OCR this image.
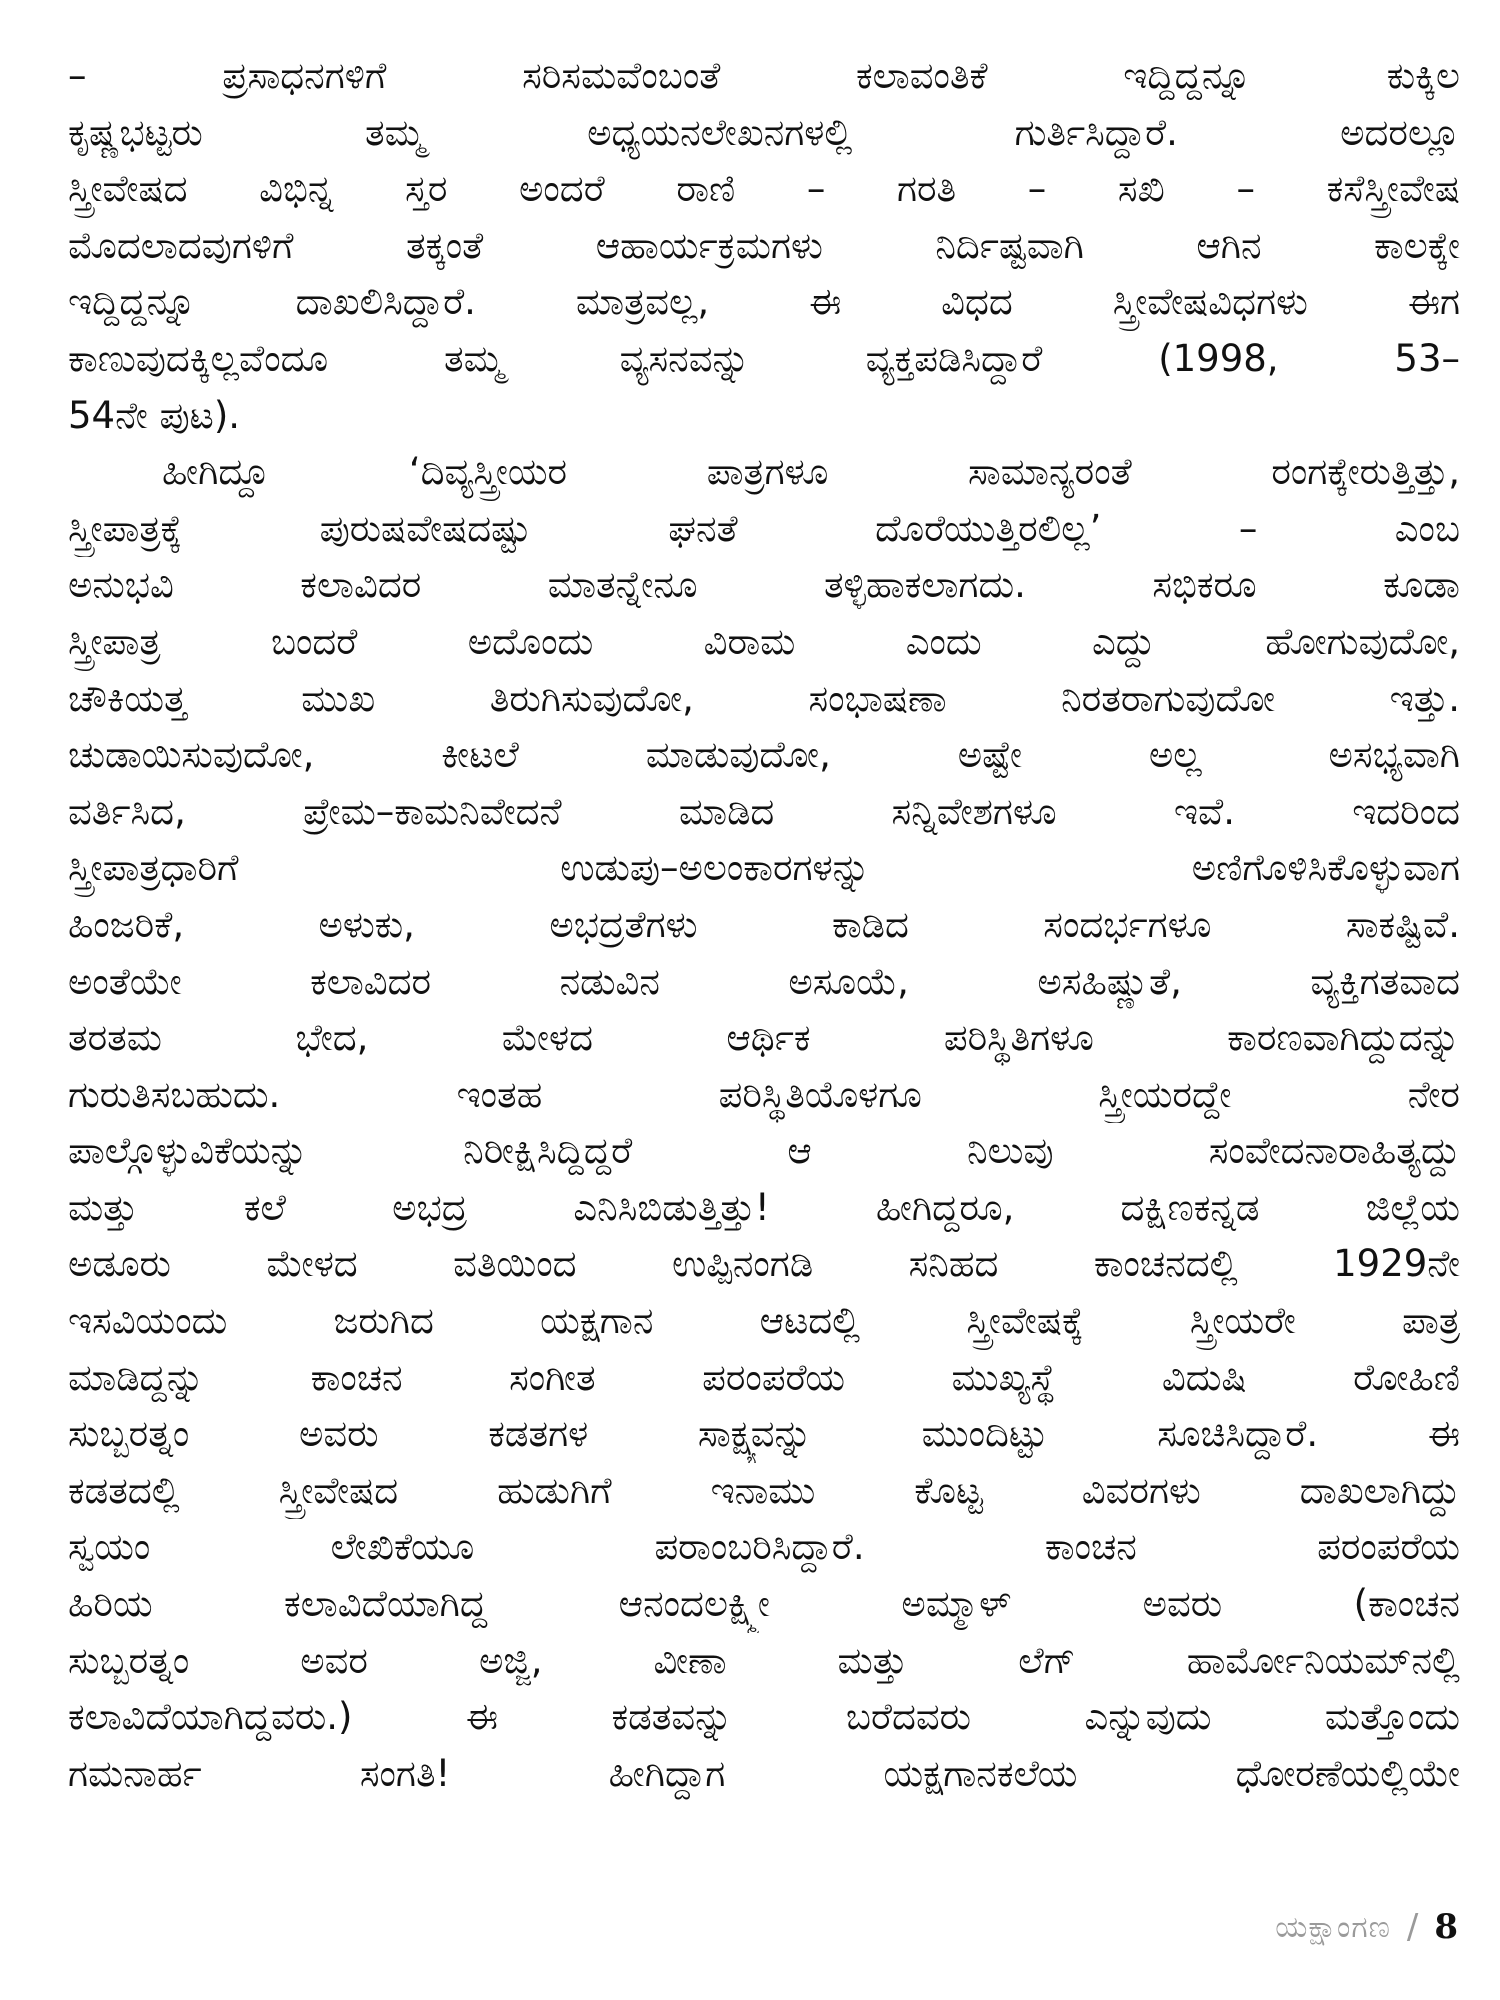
– ಪ್ರಸಾಧನಗಳಿಗೆ ಸರಿಸಮವೆಂಬಂತೆ ಕಲಾವಂತಿಕೆ ಇದ್ದಿದ್ದನ್ನೂ ಕುಕ್ಕಿಲ
ಕೃಷ್ಣಭಟ್ಟರು ತಮ್ಮ ಅಧ್ಯಯನಲೇಖನಗಳಲ್ಲಿ ಗುರ್ತಿಸಿದ್ದಾರೆ. ಅದರಲ್ಲೂ
ಸ್ತ್ರೀವೇಷದ ವಿಭಿನ್ನ ಸ್ತರ ಅಂದರೆ ರಾಣಿ – ಗರತಿ – ಸಖಿ – ಕಸೆಸ್ತ್ರೀವೇಷ
ಮೊದಲಾದವುಗಳಿಗೆ ತಕ್ಕಂತೆ ಆಹಾರ್ಯಕ್ರಮಗಳು ನಿರ್ದಿಷ್ಟವಾಗಿ ಆಗಿನ ಕಾಲಕ್ಕೇ
ಇದ್ದಿದ್ದನ್ನೂ ದಾಖಲಿಸಿದ್ದಾರೆ. ಮಾತ್ರವಲ್ಲ, ಈ ವಿಧದ ಸ್ತ್ರೀವೇಷವಿಧಗಳು ಈಗ
ಕಾಣುವುದಕ್ಕಿಲ್ಲವೆಂದೂ ತಮ್ಮ ವ್ಯಸನವನ್ನು ವ್ಯಕ್ತಪಡಿಸಿದ್ದಾರೆ (1998, 53–
54ನೇ ಪುಟ).
ಹೀಗಿದ್ದೂ ‘ದಿವ್ಯಸ್ತ್ರೀಯರ ಪಾತ್ರಗಳೂ ಸಾಮಾನ್ಯರಂತೆ ರಂಗಕ್ಕೇರುತ್ತಿತ್ತು,
ಸ್ತ್ರೀಪಾತ್ರಕ್ಕೆ ಪುರುಷವೇಷದಷ್ಟು ಘನತೆ ದೊರೆಯುತ್ತಿರಲಿಲ್ಲ’ – ಎಂಬ
ಅನುಭವಿ ಕಲಾವಿದರ ಮಾತನ್ನೇನೂ ತಳ್ಳಿಹಾಕಲಾಗದು. ಸಭಿಕರೂ ಕೂಡಾ
ಸ್ತ್ರೀಪಾತ್ರ ಬಂದರೆ ಅದೊಂದು ವಿರಾಮ ಎಂದು ಎದ್ದು ಹೋಗುವುದೋ,
ಚೌಕಿಯತ್ತ ಮುಖ ತಿರುಗಿಸುವುದೋ, ಸಂಭಾಷಣಾ ನಿರತರಾಗುವುದೋ ಇತ್ತು.
ಚುಡಾಯಿಸುವುದೋ, ಕೀಟಲೆ ಮಾಡುವುದೋ, ಅಷ್ಟೇ ಅಲ್ಲ ಅಸಭ್ಯವಾಗಿ
ವರ್ತಿಸಿದ, ಪ್ರೇಮ–ಕಾಮನಿವೇದನೆ ಮಾಡಿದ ಸನ್ನಿವೇಶಗಳೂ ಇವೆ. ಇದರಿಂದ
ಸ್ತ್ರೀಪಾತ್ರಧಾರಿಗೆ ಉಡುಪು–ಅಲಂಕಾರಗಳನ್ನು ಅಣಿಗೊಳಿಸಿಕೊಳ್ಳುವಾಗ
ಹಿಂಜರಿಕೆ, ಅಳುಕು, ಅಭದ್ರತೆಗಳು ಕಾಡಿದ ಸಂದರ್ಭಗಳೂ ಸಾಕಷ್ಟಿವೆ.
ಅಂತೆಯೇ ಕಲಾವಿದರ ನಡುವಿನ ಅಸೂಯೆ, ಅಸಹಿಷ್ಣುತೆ, ವ್ಯಕ್ತಿಗತವಾದ
ತರತಮ ಭೇದ, ಮೇಳದ ಆರ್ಥಿಕ ಪರಿಸ್ಥಿತಿಗಳೂ ಕಾರಣವಾಗಿದ್ದುದನ್ನು
ಗುರುತಿಸಬಹುದು. ಇಂತಹ ಪರಿಸ್ಥಿತಿಯೊಳಗೂ ಸ್ತ್ರೀಯರದ್ದೇ ನೇರ
ಪಾಲ್ಗೊಳ್ಳುವಿಕೆಯನ್ನು ನಿರೀಕ್ಷಿಸಿದ್ದಿದ್ದರೆ ಆ ನಿಲುವು ಸಂವೇದನಾರಾಹಿತ್ಯದ್ದು
ಮತ್ತು ಕಲೆ ಅಭದ್ರ ಎನಿಸಿಬಿಡುತ್ತಿತ್ತು! ಹೀಗಿದ್ದರೂ, ದಕ್ಷಿಣಕನ್ನಡ ಜಿಲ್ಲೆಯ
ಅಡೂರು ಮೇಳದ ವತಿಯಿಂದ ಉಪ್ಪಿನಂಗಡಿ ಸನಿಹದ ಕಾಂಚನದಲ್ಲಿ 1929ನೇ
ಇಸವಿಯಂದು ಜರುಗಿದ ಯಕ್ಷಗಾನ ಆಟದಲ್ಲಿ ಸ್ತ್ರೀವೇಷಕ್ಕೆ ಸ್ತ್ರೀಯರೇ ಪಾತ್ರ
ಮಾಡಿದ್ದನ್ನು ಕಾಂಚನ ಸಂಗೀತ ಪರಂಪರೆಯ ಮುಖ್ಯಸ್ಥೆ ವಿದುಷಿ ರೋಹಿಣಿ
ಸುಬ್ಬರತ್ನಂ ಅವರು ಕಡತಗಳ ಸಾಕ್ಷ್ಯವನ್ನು ಮುಂದಿಟ್ಟು ಸೂಚಿಸಿದ್ದಾರೆ. ಈ
ಕಡತದಲ್ಲಿ ಸ್ತ್ರೀವೇಷದ ಹುಡುಗಿಗೆ ಇನಾಮು ಕೊಟ್ಟ ವಿವರಗಳು ದಾಖಲಾಗಿದ್ದು
ಸ್ವಯಂ ಲೇಖಿಕೆಯೂ ಪರಾಂಬರಿಸಿದ್ದಾರೆ. ಕಾಂಚನ ಪರಂಪರೆಯ
ಹಿರಿಯ ಕಲಾವಿದೆಯಾಗಿದ್ದ ಆನಂದಲಕ್ಷ್ಮೀ ಅಮ್ಮಾಳ್ ಅವರು (ಕಾಂಚನ
ಸುಬ್ಬರತ್ನಂ ಅವರ ಅಜ್ಜಿ, ವೀಣಾ ಮತ್ತು ಲೆಗ್ ಹಾರ್ಮೋನಿಯಮ್‌ನಲ್ಲಿ
ಕಲಾವಿದೆಯಾಗಿದ್ದವರು.) ಈ ಕಡತವನ್ನು ಬರೆದವರು ಎನ್ನುವುದು ಮತ್ತೊಂದು
ಗಮನಾರ್ಹ ಸಂಗತಿ! ಹೀಗಿದ್ದಾಗ ಯಕ್ಷಗಾನಕಲೆಯ ಧೋರಣೆಯಲ್ಲಿಯೇ
ಯಕ್ಷಾಂಗಣ / 8
